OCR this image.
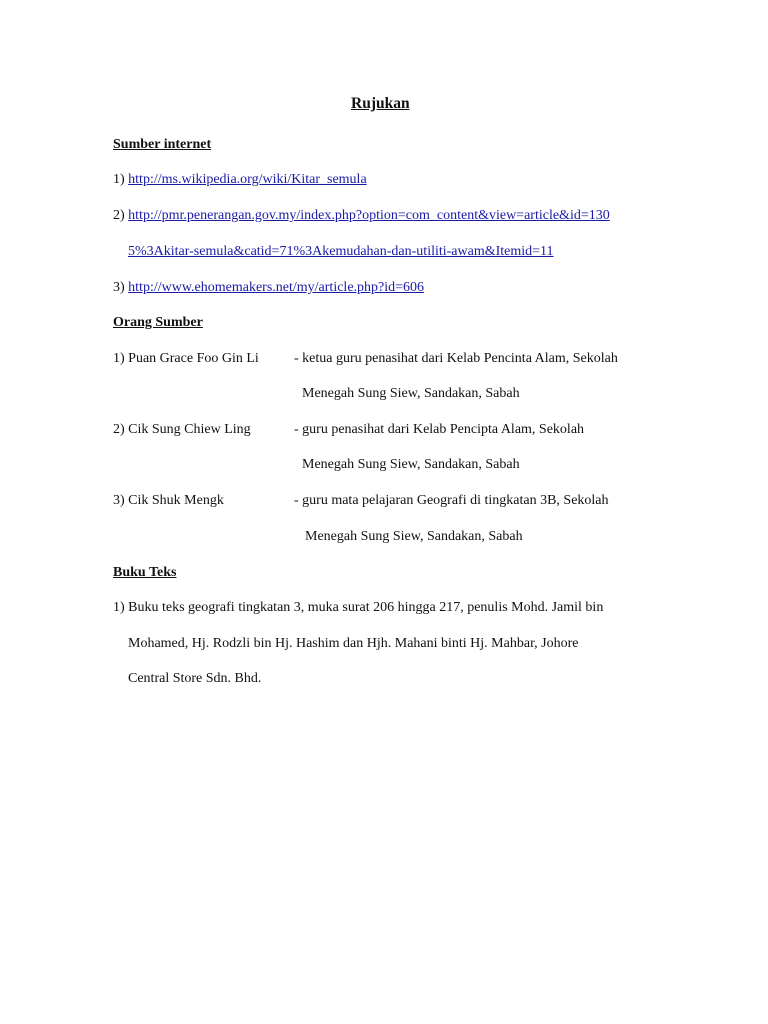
Rujukan
Sumber internet
1) http://ms.wikipedia.org/wiki/Kitar_semula
2) http://pmr.penerangan.gov.my/index.php?option=com_content&view=article&id=130
5%3Akitar-semula&catid=71%3Akemudahan-dan-utiliti-awam&Itemid=11
3) http://www.ehomemakers.net/my/article.php?id=606
Orang Sumber
1) Puan Grace Foo Gin Li	- ketua guru penasihat dari Kelab Pencinta Alam, Sekolah
Menegah Sung Siew, Sandakan, Sabah
2) Cik Sung Chiew Ling	- guru penasihat dari Kelab Pencipta Alam, Sekolah
Menegah Sung Siew, Sandakan, Sabah
3) Cik Shuk Mengk	- guru mata pelajaran Geografi di tingkatan 3B, Sekolah
Menegah Sung Siew, Sandakan, Sabah
Buku Teks
1) Buku teks geografi tingkatan 3, muka surat 206 hingga 217, penulis Mohd. Jamil bin
Mohamed, Hj. Rodzli bin Hj. Hashim dan Hjh. Mahani binti Hj. Mahbar, Johore
Central Store Sdn. Bhd.
